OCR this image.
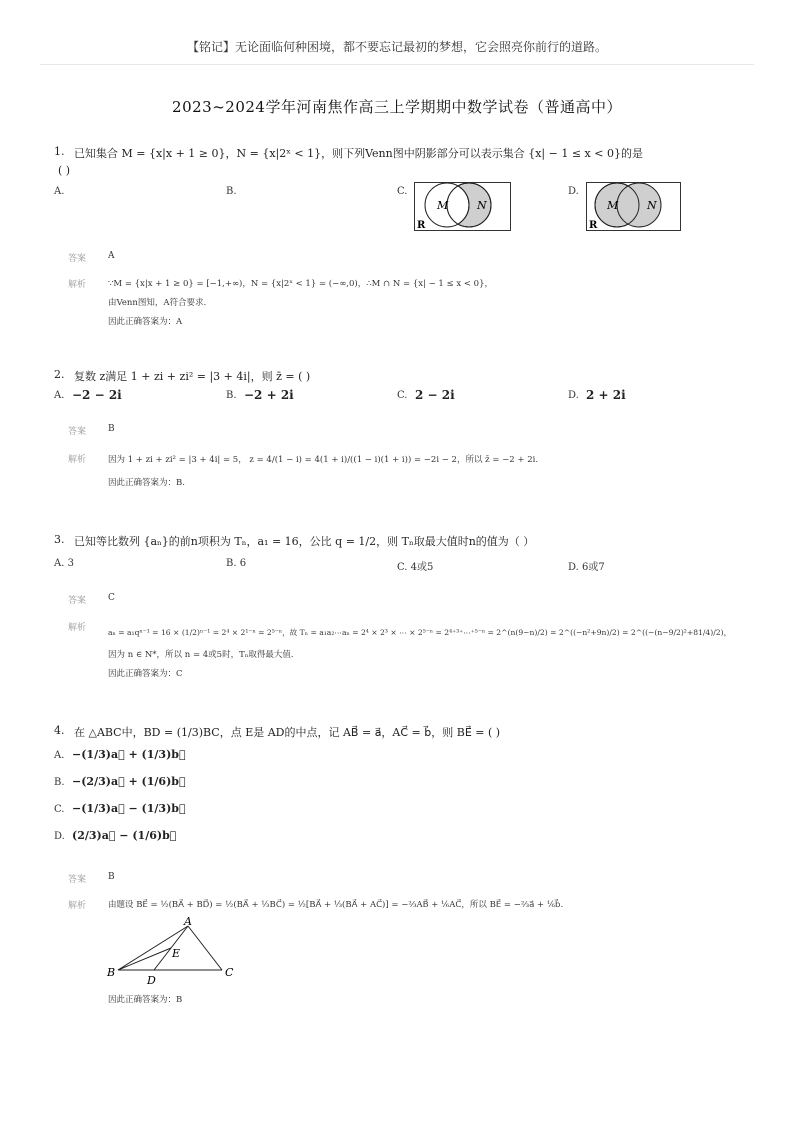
【铭记】无论面临何种困境，都不要忘记最初的梦想，它会照亮你前行的道路。
2023~2024学年河南焦作高三上学期期中数学试卷（普通高中）
1. 已知集合 M = {x|x + 1 ≥ 0}，N = {x|2ˣ < 1}，则下列Venn图中阴影部分可以表示集合 {x| − 1 ≤ x < 0}的是
( )
A.	B.	C.	D.
M	N
R
M	N
R
答案 A
解析	∵M = {x|x + 1 ≥ 0} = [−1,+∞)，N = {x|2ˣ < 1} = (−∞,0)，∴M ∩ N = {x| − 1 ≤ x < 0}，
由Venn图知，A符合要求.
因此正确答案为：A
2. 复数 z满足 1 + zi + zi² = |3 + 4i|，则 z̄ = ( )
A. −2 − 2i	B. −2 + 2i	C. 2 − 2i	D. 2 + 2i
答案 B
解析	因为 1 + zi + zi² = |3 + 4i| = 5， z = 4/(1 − i) = 4(1 + i)/((1 − i)(1 + i)) = −2i − 2，所以 z̄ = −2 + 2i.
因此正确答案为：B.
3. 已知等比数列 {aₙ}的前n项积为 Tₙ，a₁ = 16，公比 q = 1/2，则 Tₙ取最大值时n的值为（ ）
A. 3	B. 6	C. 4或5	D. 6或7
答案 C
解析	aₙ = a₁qⁿ⁻¹ = 16 × (1/2)ⁿ⁻¹ = 2⁴ × 2¹⁻ⁿ = 2⁵⁻ⁿ，故 Tₙ = a₁a₂⋯aₙ = 2⁴ × 2³ × ⋯ × 2⁵⁻ⁿ = 2⁴⁺³⁺⋯⁺⁵⁻ⁿ = 2^(n(9−n)/2) = 2^((−n²+9n)/2) = 2^((−(n−9/2)²+81/4)/2)，
因为 n ∈ N*，所以 n = 4或5时，Tₙ取得最大值.
因此正确答案为：C
4. 在 △ABC中，BD = (1/3)BC，点 E是 AD的中点，记 AB⃗ = a⃗，AC⃗ = b⃗，则 BE⃗ = ( )
A. −(1/3)a⃗ + (1/3)b⃗
B. −(2/3)a⃗ + (1/6)b⃗
C. −(1/3)a⃗ − (1/3)b⃗
D. (2/3)a⃗ − (1/6)b⃗
答案 B
解析	由题设 BE⃗ = ½(BA⃗ + BD⃗) = ½(BA⃗ + ⅓BC⃗) = ½[BA⃗ + ⅓(BA⃗ + AC⃗)] = −⅔AB⃗ + ⅙AC⃗，所以 BE⃗ = −⅔a⃗ + ⅙b⃗.
A
B	C
D
E
因此正确答案为：B
